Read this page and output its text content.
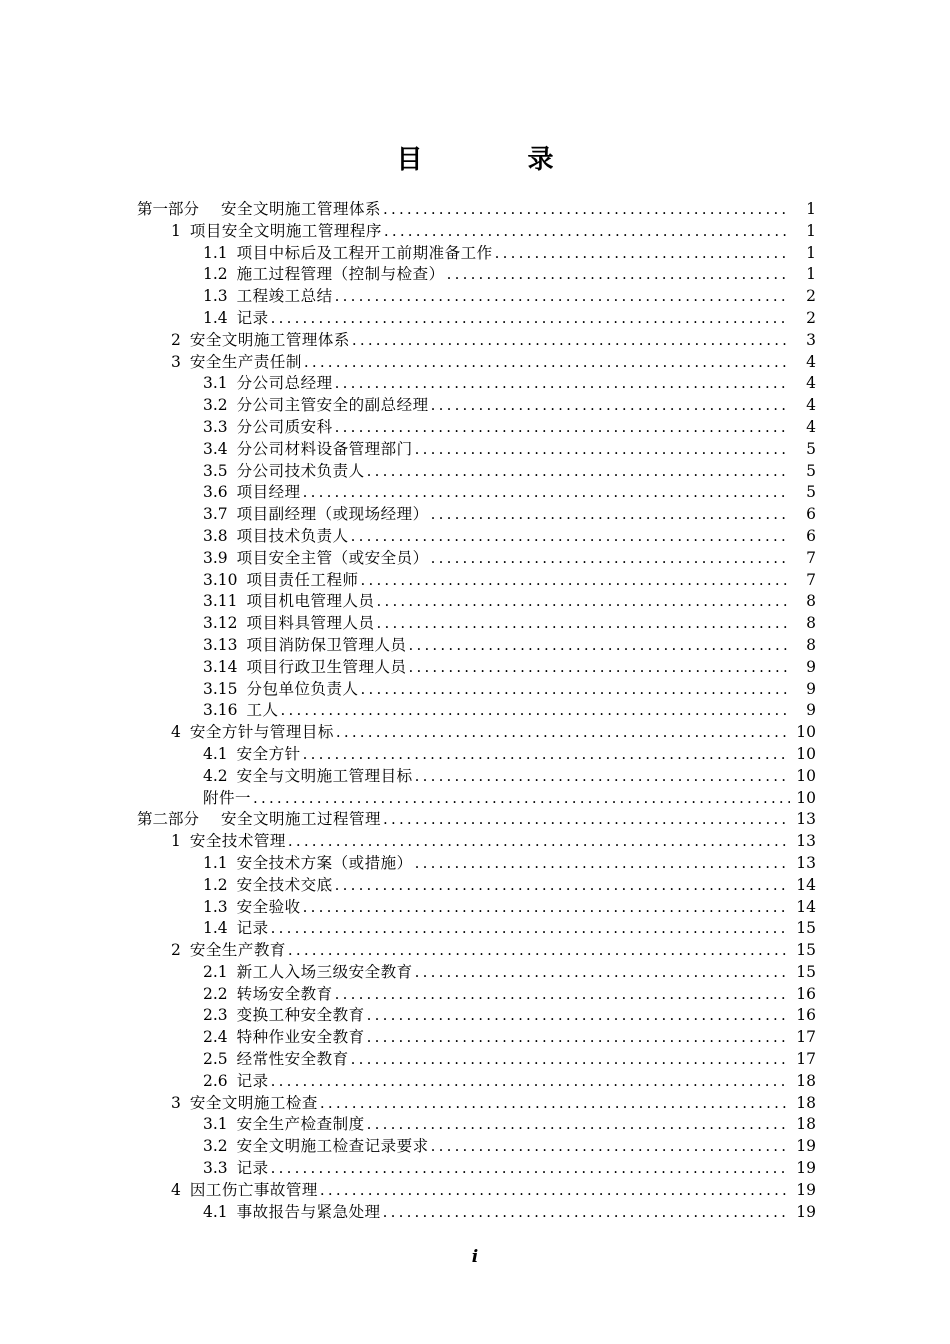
目	录
第一部分 安全文明施工管理体系 .....	1
1 项目安全文明施工管理程序 .....	1
1.1 项目中标后及工程开工前期准备工作 .....	1
1.2 施工过程管理（控制与检查） .....	1
1.3 工程竣工总结 .....	2
1.4 记录 .....	2
2 安全文明施工管理体系 .....	3
3 安全生产责任制 .....	4
3.1 分公司总经理 .....	4
3.2 分公司主管安全的副总经理 .....	4
3.3 分公司质安科 .....	4
3.4 分公司材料设备管理部门 .....	5
3.5 分公司技术负责人 .....	5
3.6 项目经理 .....	5
3.7 项目副经理（或现场经理） .....	6
3.8 项目技术负责人 .....	6
3.9 项目安全主管（或安全员） .....	7
3.10 项目责任工程师 .....	7
3.11 项目机电管理人员 .....	8
3.12 项目料具管理人员 .....	8
3.13 项目消防保卫管理人员 .....	8
3.14 项目行政卫生管理人员 .....	9
3.15 分包单位负责人 .....	9
3.16 工人 .....	9
4 安全方针与管理目标 .....	10
4.1 安全方针 .....	10
4.2 安全与文明施工管理目标 .....	10
附件一 .....	10
第二部分 安全文明施工过程管理 .....	13
1 安全技术管理 .....	13
1.1 安全技术方案（或措施） .....	13
1.2 安全技术交底 .....	14
1.3 安全验收 .....	14
1.4 记录 .....	15
2 安全生产教育 .....	15
2.1 新工人入场三级安全教育 .....	15
2.2 转场安全教育 .....	16
2.3 变换工种安全教育 .....	16
2.4 特种作业安全教育 .....	17
2.5 经常性安全教育 .....	17
2.6 记录 .....	18
3 安全文明施工检查 .....	18
3.1 安全生产检查制度 .....	18
3.2 安全文明施工检查记录要求 .....	19
3.3 记录 .....	19
4 因工伤亡事故管理 .....	19
4.1 事故报告与紧急处理 .....	19
i
